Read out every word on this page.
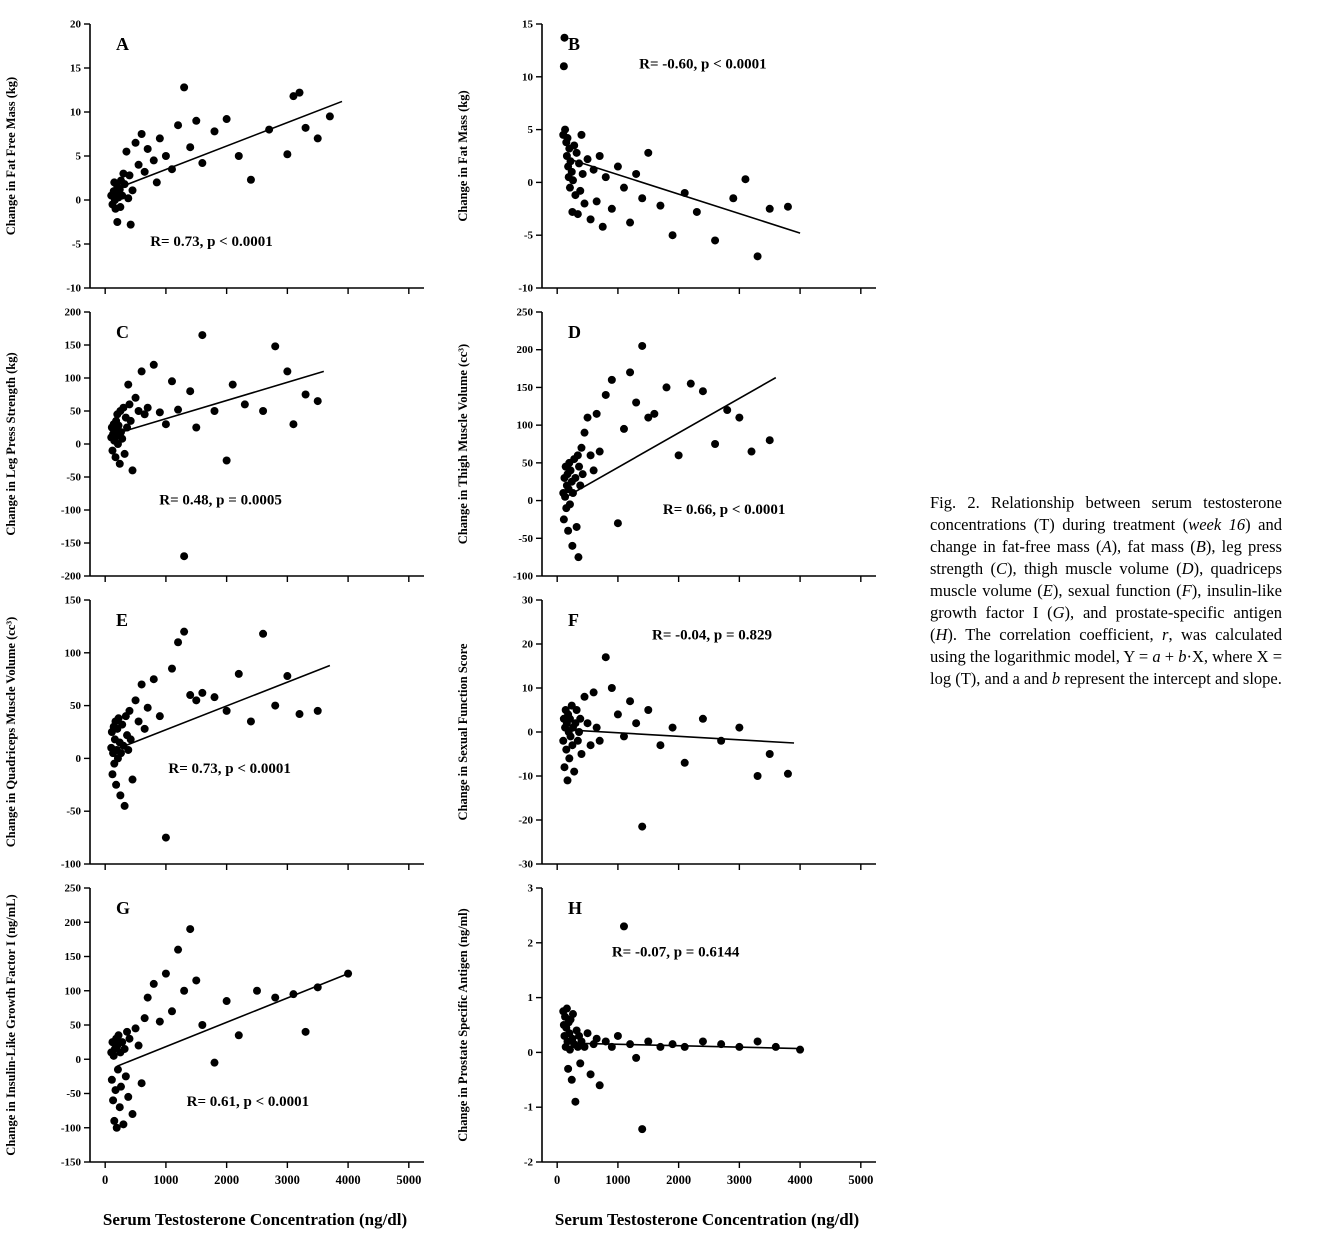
20
15
10
5
0
-5
-10
Change in Fat Free Mass (kg)
A
R= 0.73, p < 0.0001
200
150
100
50
0
-50
-100
-150
-200
Change in Leg Press Strength (kg)
C
R= 0.48, p = 0.0005
150
100
50
0
-50
-100
Change in Quadriceps Muscle Volume (cc³)	E
R= 0.73, p < 0.0001
250
200
150
100
50
0
-50
-100
-150
0	1000	2000	3000	4000	5000
Change in Insulin-Like Growth Factor I (ng/mL)	G
R= 0.61, p < 0.0001
Serum Testosterone Concentration (ng/dl)
15
10
5
0
-5
-10
Change in Fat Mass (kg)
B
R= -0.60, p < 0.0001
250
200
150
100
50
0
-50
-100
Change in Thigh Muscle Volume (cc³)
D
R= 0.66, p < 0.0001
30
20
10
0
-10
-20
-30
Change in Sexual Function Score
F
R= -0.04, p = 0.829
3
2
1
0
-1
-2
0	1000	2000	3000	4000	5000
Change in Prostate Specific Antigen (ng/ml)
H
R= -0.07, p = 0.6144
Serum Testosterone Concentration (ng/dl)
Fig. 2. Relationship between serum testosterone concentrations (T) during treatment (week 16) and change in fat-free mass (A), fat mass (B), leg press strength (C), thigh muscle volume (D), quadriceps muscle volume (E), sexual function (F), insulin-like growth factor I (G), and prostate-specific antigen (H). The correlation coefficient, r, was calculated using the logarithmic model, Y = a + b·X, where X = log (T), and a and b represent the intercept and slope.
